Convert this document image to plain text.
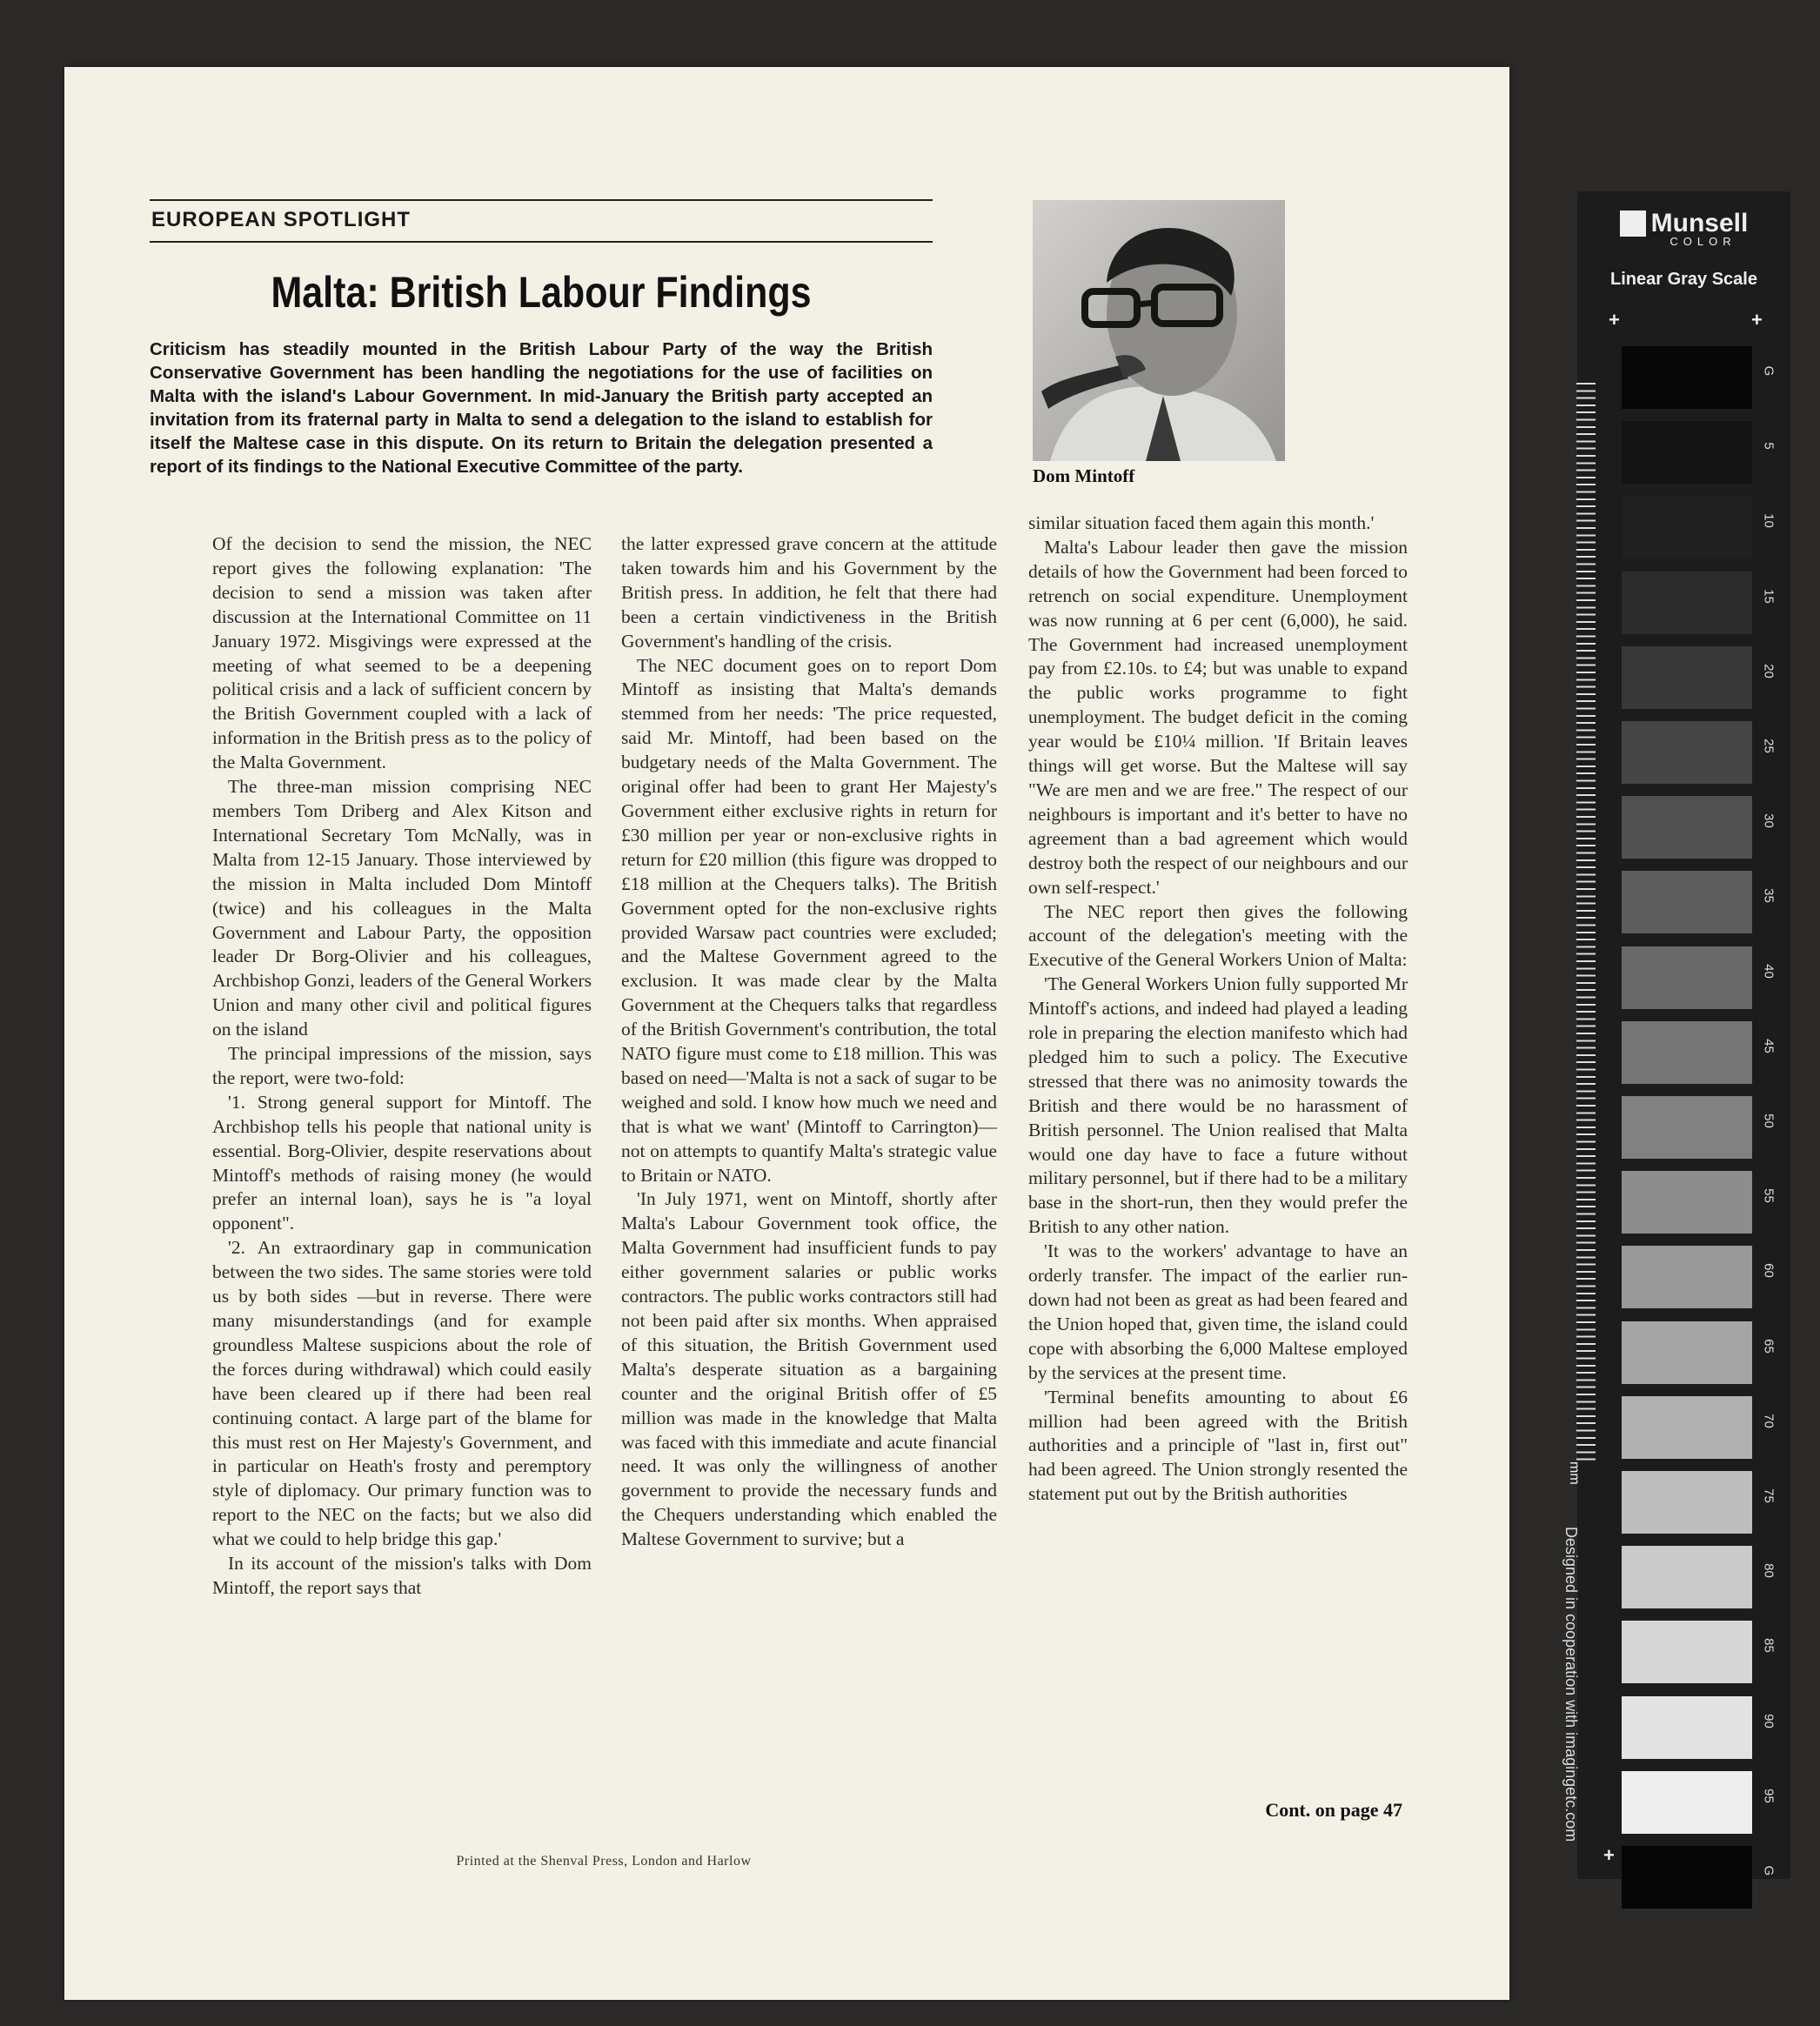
EUROPEAN SPOTLIGHT
Malta: British Labour Findings
Criticism has steadily mounted in the British Labour Party of the way the British Conservative Government has been handling the negotiations for the use of facilities on Malta with the island's Labour Government. In mid-January the British party accepted an invitation from its fraternal party in Malta to send a delegation to the island to establish for itself the Maltese case in this dispute. On its return to Britain the delegation presented a report of its findings to the National Executive Committee of the party.	Dom Mintoff

Of the decision to send the mission, the NEC report gives the following explanation: 'The decision to send a mission was taken after discussion at the International Committee on 11 January 1972. Misgivings were expressed at the meeting of what seemed to be a deepening political crisis and a lack of sufficient concern by the British Government coupled with a lack of information in the British press as to the policy of the Malta Government.

The three-man mission comprising NEC members Tom Driberg and Alex Kitson and International Secretary Tom McNally, was in Malta from 12-15 January. Those interviewed by the mission in Malta included Dom Mintoff (twice) and his colleagues in the Malta Government and Labour Party, the opposition leader Dr Borg-Olivier and his colleagues, Archbishop Gonzi, leaders of the General Workers Union and many other civil and political figures on the island

The principal impressions of the mission, says the report, were two-fold:

'1. Strong general support for Mintoff. The Archbishop tells his people that national unity is essential. Borg-Olivier, despite reservations about Mintoff's methods of raising money (he would prefer an internal loan), says he is "a loyal opponent".

'2. An extraordinary gap in communication between the two sides. The same stories were told us by both sides —but in reverse. There were many misunderstandings (and for example groundless Maltese suspicions about the role of the forces during withdrawal) which could easily have been cleared up if there had been real continuing contact. A large part of the blame for this must rest on Her Majesty's Government, and in particular on Heath's frosty and peremptory style of diplomacy. Our primary function was to report to the NEC on the facts; but we also did what we could to help bridge this gap.'

In its account of the mission's talks with Dom Mintoff, the report says that

the latter expressed grave concern at the attitude taken towards him and his Government by the British press. In addition, he felt that there had been a certain vindictiveness in the British Government's handling of the crisis.

The NEC document goes on to report Dom Mintoff as insisting that Malta's demands stemmed from her needs: 'The price requested, said Mr. Mintoff, had been based on the budgetary needs of the Malta Government. The original offer had been to grant Her Majesty's Government either exclusive rights in return for £30 million per year or non-exclusive rights in return for £20 million (this figure was dropped to £18 million at the Chequers talks). The British Government opted for the non-exclusive rights provided Warsaw pact countries were excluded; and the Maltese Government agreed to the exclusion. It was made clear by the Malta Government at the Chequers talks that regardless of the British Government's contribution, the total NATO figure must come to £18 million. This was based on need—'Malta is not a sack of sugar to be weighed and sold. I know how much we need and that is what we want' (Mintoff to Carrington)—not on attempts to quantify Malta's strategic value to Britain or NATO.

'In July 1971, went on Mintoff, shortly after Malta's Labour Government took office, the Malta Government had insufficient funds to pay either government salaries or public works contractors. The public works contractors still had not been paid after six months. When appraised of this situation, the British Government used Malta's desperate situation as a bargaining counter and the original British offer of £5 million was made in the knowledge that Malta was faced with this immediate and acute financial need. It was only the willingness of another government to provide the necessary funds and the Chequers understanding which enabled the Maltese Government to survive; but a

similar situation faced them again this month.'

Malta's Labour leader then gave the mission details of how the Government had been forced to retrench on social expenditure. Unemployment was now running at 6 per cent (6,000), he said. The Government had increased unemployment pay from £2.10s. to £4; but was unable to expand the public works programme to fight unemployment. The budget deficit in the coming year would be £10¼ million. 'If Britain leaves things will get worse. But the Maltese will say "We are men and we are free." The respect of our neighbours is important and it's better to have no agreement than a bad agreement which would destroy both the respect of our neighbours and our own self-respect.'

The NEC report then gives the following account of the delegation's meeting with the Executive of the General Workers Union of Malta:

'The General Workers Union fully supported Mr Mintoff's actions, and indeed had played a leading role in preparing the election manifesto which had pledged him to such a policy. The Executive stressed that there was no animosity towards the British and there would be no harassment of British personnel. The Union realised that Malta would one day have to face a future without military personnel, but if there had to be a military base in the short-run, then they would prefer the British to any other nation.

'It was to the workers' advantage to have an orderly transfer. The impact of the earlier run-down had not been as great as had been feared and the Union hoped that, given time, the island could cope with absorbing the 6,000 Maltese employed by the services at the present time.

'Terminal benefits amounting to about £6 million had been agreed with the British authorities and a principle of "last in, first out" had been agreed. The Union strongly resented the statement put out by the British authorities

Cont. on page 47
Printed at the Shenval Press, London and Harlow
Munsell
COLOR
Linear Gray Scale
+	+
+
mm
Designed in cooperation with imagingetc.com
G
5
10
15
20
25
30
35
40
45
50
55
60
65
70
75
80
85
90
95
G
